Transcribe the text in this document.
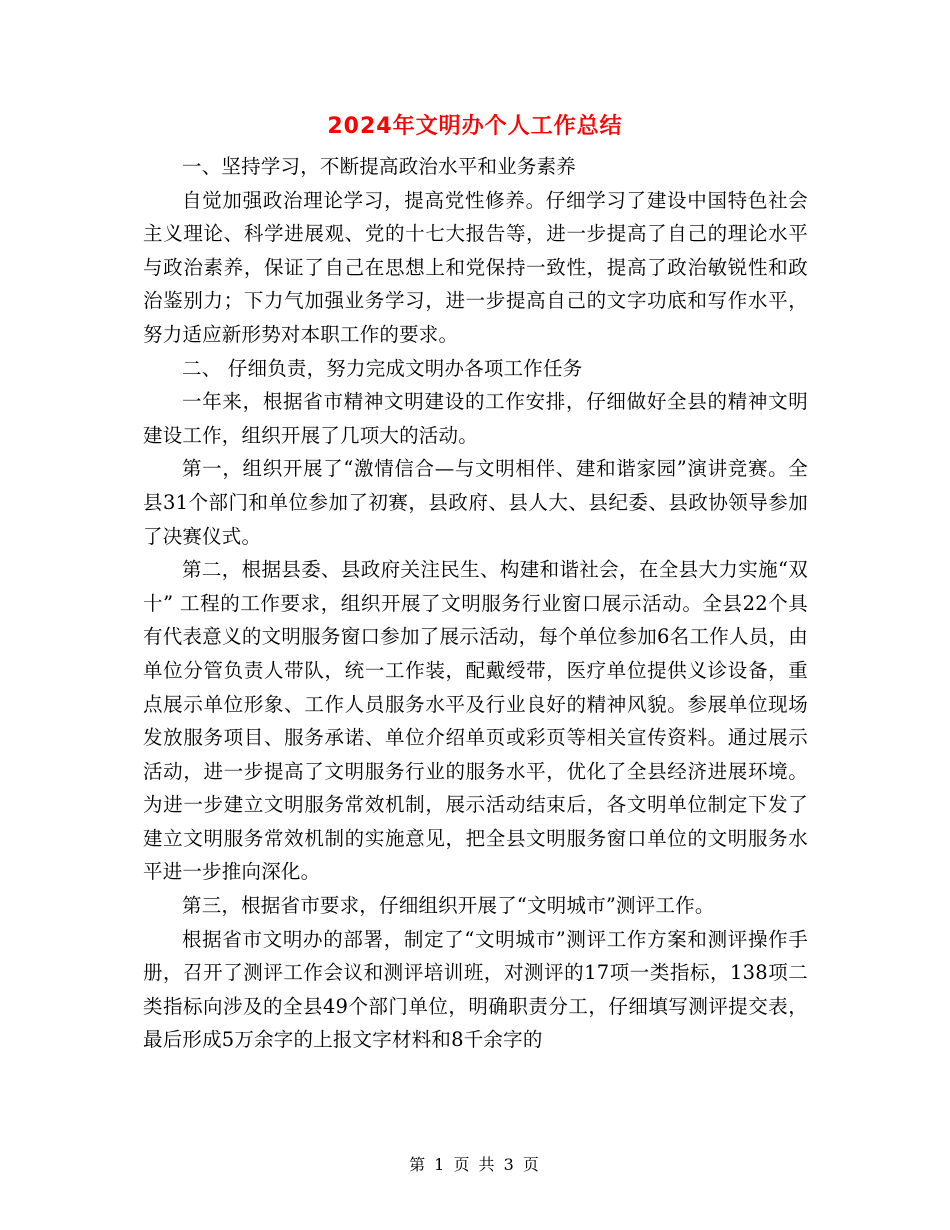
2024年文明办个人工作总结

一、坚持学习，不断提高政治水平和业务素养

自觉加强政治理论学习，提高党性修养。仔细学习了建设中国特色社会主义理论、科学进展观、党的十七大报告等，进一步提高了自己的理论水平与政治素养，保证了自己在思想上和党保持一致性，提高了政治敏锐性和政治鉴别力；下力气加强业务学习，进一步提高自己的文字功底和写作水平，努力适应新形势对本职工作的要求。

二、 仔细负责，努力完成文明办各项工作任务

一年来，根据省市精神文明建设的工作安排，仔细做好全县的精神文明建设工作，组织开展了几项大的活动。

第一，组织开展了“激情信合—与文明相伴、建和谐家园”演讲竞赛。全县31个部门和单位参加了初赛，县政府、县人大、县纪委、县政协领导参加了决赛仪式。

第二，根据县委、县政府关注民生、构建和谐社会，在全县大力实施“双十” 工程的工作要求，组织开展了文明服务行业窗口展示活动。全县22个具有代表意义的文明服务窗口参加了展示活动，每个单位参加6名工作人员，由单位分管负责人带队，统一工作装，配戴绶带，医疗单位提供义诊设备，重点展示单位形象、工作人员服务水平及行业良好的精神风貌。参展单位现场发放服务项目、服务承诺、单位介绍单页或彩页等相关宣传资料。通过展示活动，进一步提高了文明服务行业的服务水平，优化了全县经济进展环境。为进一步建立文明服务常效机制，展示活动结束后，各文明单位制定下发了建立文明服务常效机制的实施意见，把全县文明服务窗口单位的文明服务水平进一步推向深化。

第三，根据省市要求，仔细组织开展了“文明城市”测评工作。

根据省市文明办的部署，制定了“文明城市”测评工作方案和测评操作手册，召开了测评工作会议和测评培训班，对测评的17项一类指标，138项二类指标向涉及的全县49个部门单位，明确职责分工，仔细填写测评提交表，最后形成5万余字的上报文字材料和8千余字的

第 1 页 共 3 页
